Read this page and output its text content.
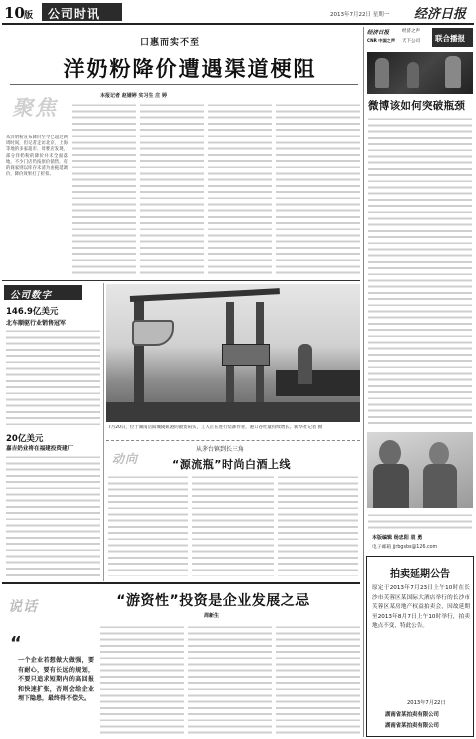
10 版 公司时讯	2013年7月22日 星期一 经济日报
口惠而实不至
洋奶粉降价遭遇渠道梗阻
聚焦	本报记者 赵婧婷 实习生 庄 婷
从洋奶粉宣布降价至今已超过两周时间，但记者走访北京、上海等地的多家超市、母婴店发现，部分洋奶粉的降价并未全面落地，不少门店仍按原价销售，有的商家则以库存未清为由拖延调价，降价效果打了折扣。
经济日报
CNR 中国之声
经济之声
天下公司 联合播报
微博该如何突破瓶颈
本版编辑 杨忠阳 袁 勇
电子邮箱 jjrbgsbs@126.com
拍卖延期公告
原定于2013年7月23日上午10时在长沙市芙蓉区某国际大酒店举行的长沙市芙蓉区某房地产权益拍卖会，因故延期至2013年8月7日上午10时举行，拍卖地点不变，特此公告。
2013年7月22日
湖南省某拍卖有限公司
湖南省某拍卖有限公司
公司数字
146.9亿美元
北车顺驱行业销售冠军
20亿美元
嘉吉奶业将在福建投资建厂
7月20日，位于湖南岳阳城陵矶港的散货码头，工人正在进行装卸作业，港口吞吐量持续增长。新华社记者 摄
从茅台镇到长三角
动向	“源流瓶”时尚白酒上线
说话	“游资性”投资是企业发展之忌
周新生
“
一个企业若想做大做强，要有耐心，要有长远的规划，不要只追求短期内的高回报和快速扩张，否则会给企业埋下隐患，最终得不偿失。
